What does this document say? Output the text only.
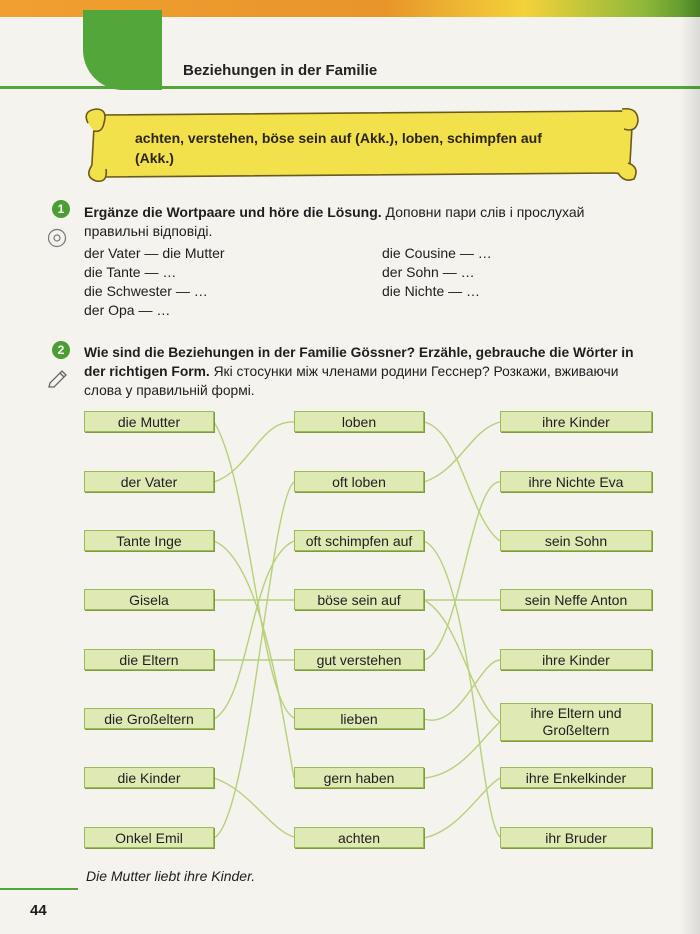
Beziehungen in der Familie
achten, verstehen, böse sein auf (Akk.), loben, schimpfen auf (Akk.)
1	Ergänze die Wortpaare und höre die Lösung. Доповни пари слів і прослухай правильні відповіді.
der Vater — die Mutter
die Tante — …
die Schwester — …
der Opa — …
die Cousine — …
der Sohn — …
die Nichte — …
2	Wie sind die Beziehungen in der Familie Gössner? Erzähle, gebrauche die Wörter in der richtigen Form. Які стосунки між членами родини Гесснер? Розкажи, вживаючи слова у правильній формі.
die Mutter
der Vater
Tante Inge
Gisela
die Eltern
die Großeltern
die Kinder
Onkel Emil
loben
oft loben
oft schimpfen auf
böse sein auf
gut verstehen
lieben
gern haben
achten
ihre Kinder
ihre Nichte Eva
sein Sohn
sein Neffe Anton
ihre Kinder
ihre Eltern und Großeltern
ihre Enkelkinder
ihr Bruder
Die Mutter liebt ihre Kinder.
44
